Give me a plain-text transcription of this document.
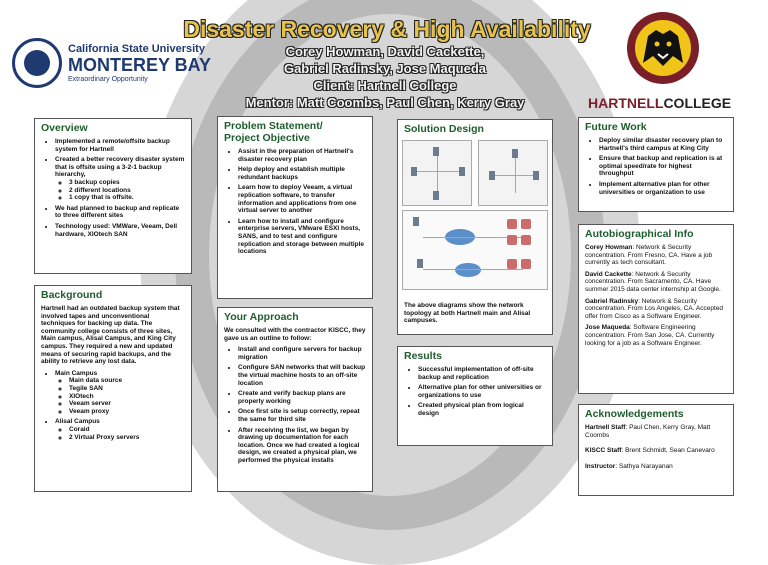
Disaster Recovery & High Availability
Corey Howman, David Cackette,
Gabriel Radinsky, Jose Maqueda
Client: Hartnell College
Mentor: Matt Coombs, Paul Chen, Kerry Gray
California State University
MONTEREY BAY
Extraordinary Opportunity
HARTNELLCOLLEGE
Overview
• Implemented a remote/offsite backup system for Hartnell
• Created a better recovery disaster system that is offsite using a 3-2-1 backup hierarchy,
◦ 3 backup copies
◦ 2 different locations
◦ 1 copy that is offsite.
• We had planned to backup and replicate to three different sites
• Technology used: VMWare, Veeam, Dell hardware, XIOtech SAN
Background

Hartnell had an outdated backup system that involved tapes and unconventional techniques for backing up data. The community college consists of three sites, Main campus, Alisal Campus, and King City campus. They required a new and updated means of securing rapid backups, and the ability to retrieve any lost data.

• Main Campus
◦ Main data source
◦ Tegile SAN
◦ XIOtech
◦ Veeam server
◦ Veeam proxy
• Alisal Campus
◦ Coraid
◦ 2 Virtual Proxy servers
Problem Statement/
Project Objective
• Assist in the preparation of Hartnell's disaster recovery plan
• Help deploy and establish multiple redundant backups
• Learn how to deploy Veeam, a virtual replication software, to transfer information and applications from one virtual server to another
• Learn how to install and configure enterprise servers, VMware ESXI hosts, SANS, and to test and configure replication and storage between multiple locations
Your Approach

We consulted with the contractor KISCC, they gave us an outline to follow:

• Install and configure servers for backup migration
• Configure SAN networks that will backup the virtual machine hosts to an off-site location
• Create and verify backup plans are properly working
• Once first site is setup correctly, repeat the same for third site
• After receiving the list, we began by drawing up documentation for each location. Once we had created a logical design, we created a physical plan, we performed the physical installs
Solution Design
The above diagrams show the network topology at both Hartnell main and Alisal campuses.
Results
• Successful implementation of off-site backup and replication
• Alternative plan for other universities or organizations to use
• Created physical plan from logical design
Future Work
• Deploy similar disaster recovery plan to Hartnell's third campus at King City
• Ensure that backup and replication is at optimal speed/rate for highest throughput
• Implement alternative plan for other universities or organization to use
Autobiographical Info

Corey Howman: Network & Security concentration. From Fresno, CA. Have a job currently as tech consultant.

David Cackette: Network & Security concentration. From Sacramento, CA. Have summer 2015 data center internship at Google.

Gabriel Radinsky: Network & Security concentration. From Los Angeles, CA. Accepted offer from Cisco as a Software Engineer.

Jose Maqueda: Software Engineering concentration. From San Jose, CA. Currently looking for a job as a Software Engineer.

Acknowledgements

Hartnell Staff: Paul Chen, Kerry Gray, Matt Coombs

KISCC Staff: Brent Schmidt, Sean Canevaro

Instructor: Sathya Narayanan
